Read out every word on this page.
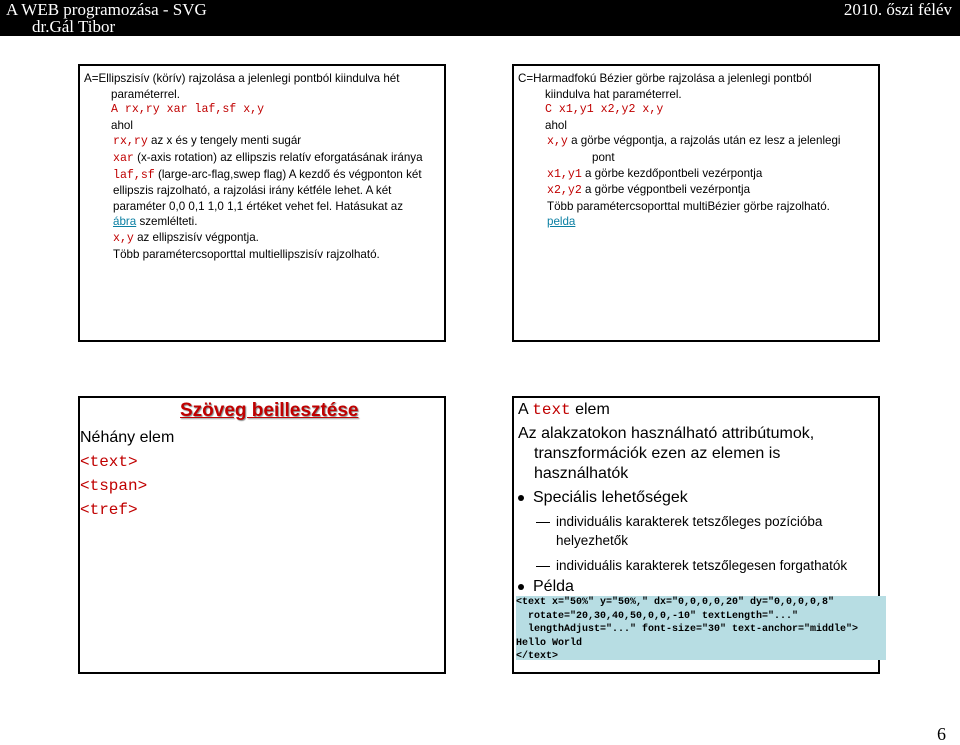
A WEB programozása - SVG
dr.Gál Tibor
2010. őszi félév

A=Ellipszisív (körív) rajzolása a jelenlegi pontból kiindulva hét

paraméterrel.

A rx,ry xar laf,sf x,y

ahol

rx,ry az x és y tengely menti sugár

xar (x-axis rotation) az ellipszis relatív eforgatásának iránya

laf,sf (large-arc-flag,swep flag) A kezdő és végponton két

ellipszis rajzolható, a rajzolási irány kétféle lehet. A két

paraméter 0,0 0,1 1,0 1,1 értéket vehet fel. Hatásukat az

ábra szemlélteti.

x,y az ellipszisív végpontja.

Több paramétercsoporttal multiellipszisív rajzolható.

C=Harmadfokú Bézier görbe rajzolása a jelenlegi pontból

kiindulva hat paraméterrel.

C x1,y1 x2,y2 x,y

ahol

x,y a görbe végpontja, a rajzolás után ez lesz a jelenlegi

pont

x1,y1 a görbe kezdőpontbeli vezérpontja

x2,y2 a görbe végpontbeli vezérpontja

Több paramétercsoporttal multiBézier görbe rajzolható.

pelda

Szöveg beillesztése
Néhány elem
<text>
<tspan>
<tref>
A text elem
Az alakzatokon használható attribútumok,
transzformációk ezen az elemen is
használhatók
Speciális lehetőségek
individuális karakterek tetszőleges pozícióba
helyezhetők
individuális karakterek tetszőlegesen forgathatók
Példa
<text x="50%" y="50%," dx="0,0,0,0,20" dy="0,0,0,0,8"
rotate="20,30,40,50,0,0,-10" textLength="..."
lengthAdjust="..." font-size="30" text-anchor="middle">
Hello World
</text>
6
